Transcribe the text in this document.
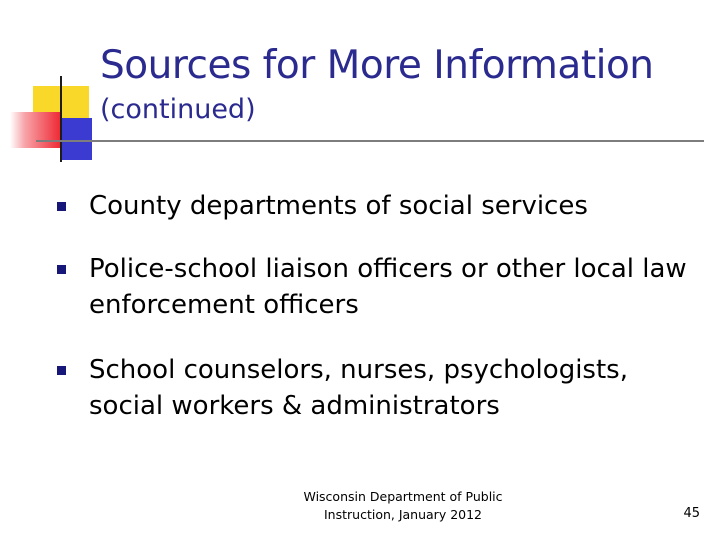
Sources for More Information
(continued)
County departments of social services
Police-school liaison officers or other local law enforcement officers
School counselors, nurses, psychologists, social workers & administrators
Wisconsin Department of Public
Instruction, January 2012	45
